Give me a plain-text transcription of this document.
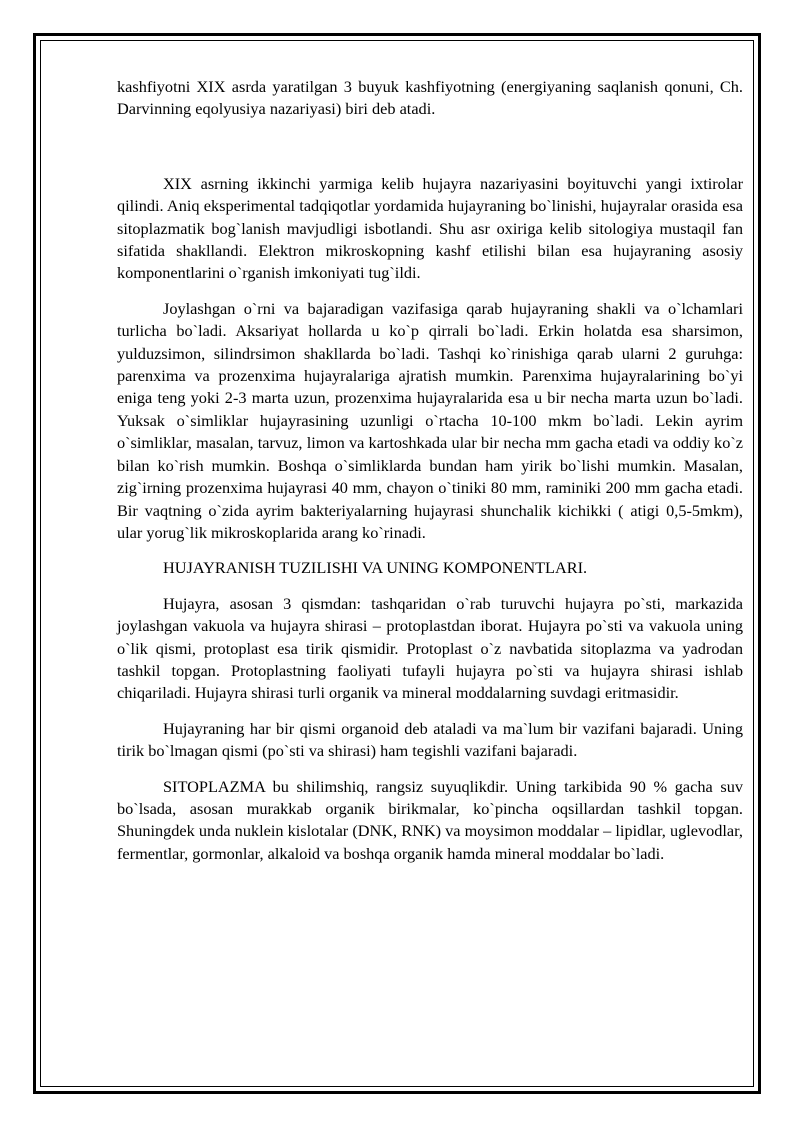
kashfiyotni XIX asrda yaratilgan 3 buyuk kashfiyotning (energiyaning saqlanish qonuni, Ch. Darvinning eqolyusiya nazariyasi) biri deb atadi.

XIX asrning ikkinchi yarmiga kelib hujayra nazariyasini boyituvchi yangi ixtirolar qilindi. Aniq eksperimental tadqiqotlar yordamida hujayraning bo`linishi, hujayralar orasida esa sitoplazmatik bog`lanish mavjudligi isbotlandi. Shu asr oxiriga kelib sitologiya mustaqil fan sifatida shakllandi. Elektron mikroskopning kashf etilishi bilan esa hujayraning asosiy komponentlarini o`rganish imkoniyati tug`ildi.

Joylashgan o`rni va bajaradigan vazifasiga qarab hujayraning shakli va o`lchamlari turlicha bo`ladi. Aksariyat hollarda u ko`p qirrali bo`ladi. Erkin holatda esa sharsimon, yulduzsimon, silindrsimon shakllarda bo`ladi. Tashqi ko`rinishiga qarab ularni 2 guruhga: parenxima va prozenxima hujayralariga ajratish mumkin. Parenxima hujayralarining bo`yi eniga teng yoki 2-3 marta uzun, prozenxima hujayralarida esa u bir necha marta uzun bo`ladi. Yuksak o`simliklar hujayrasining uzunligi o`rtacha 10-100 mkm bo`ladi. Lekin ayrim o`simliklar, masalan, tarvuz, limon va kartoshkada ular bir necha mm gacha etadi va oddiy ko`z bilan ko`rish mumkin. Boshqa o`simliklarda bundan ham yirik bo`lishi mumkin. Masalan, zig`irning prozenxima hujayrasi 40 mm, chayon o`tiniki 80 mm, raminiki 200 mm gacha etadi. Bir vaqtning o`zida ayrim bakteriyalarning hujayrasi shunchalik kichikki ( atigi 0,5-5mkm), ular yorug`lik mikroskoplarida arang ko`rinadi.

HUJAYRANISH TUZILISHI VA UNING KOMPONENTLARI.

Hujayra, asosan 3 qismdan: tashqaridan o`rab turuvchi hujayra po`sti, markazida joylashgan vakuola va hujayra shirasi – protoplastdan iborat. Hujayra po`sti va vakuola uning o`lik qismi, protoplast esa tirik qismidir. Protoplast o`z navbatida sitoplazma va yadrodan tashkil topgan. Protoplastning faoliyati tufayli hujayra po`sti va hujayra shirasi ishlab chiqariladi. Hujayra shirasi turli organik va mineral moddalarning suvdagi eritmasidir.

Hujayraning har bir qismi organoid deb ataladi va ma`lum bir vazifani bajaradi. Uning tirik bo`lmagan qismi (po`sti va shirasi) ham tegishli vazifani bajaradi.

SITOPLAZMA bu shilimshiq, rangsiz suyuqlikdir. Uning tarkibida 90 % gacha suv bo`lsada, asosan murakkab organik birikmalar, ko`pincha oqsillardan tashkil topgan. Shuningdek unda nuklein kislotalar (DNK, RNK) va moysimon moddalar – lipidlar, uglevodlar, fermentlar, gormonlar, alkaloid va boshqa organik hamda mineral moddalar bo`ladi.
